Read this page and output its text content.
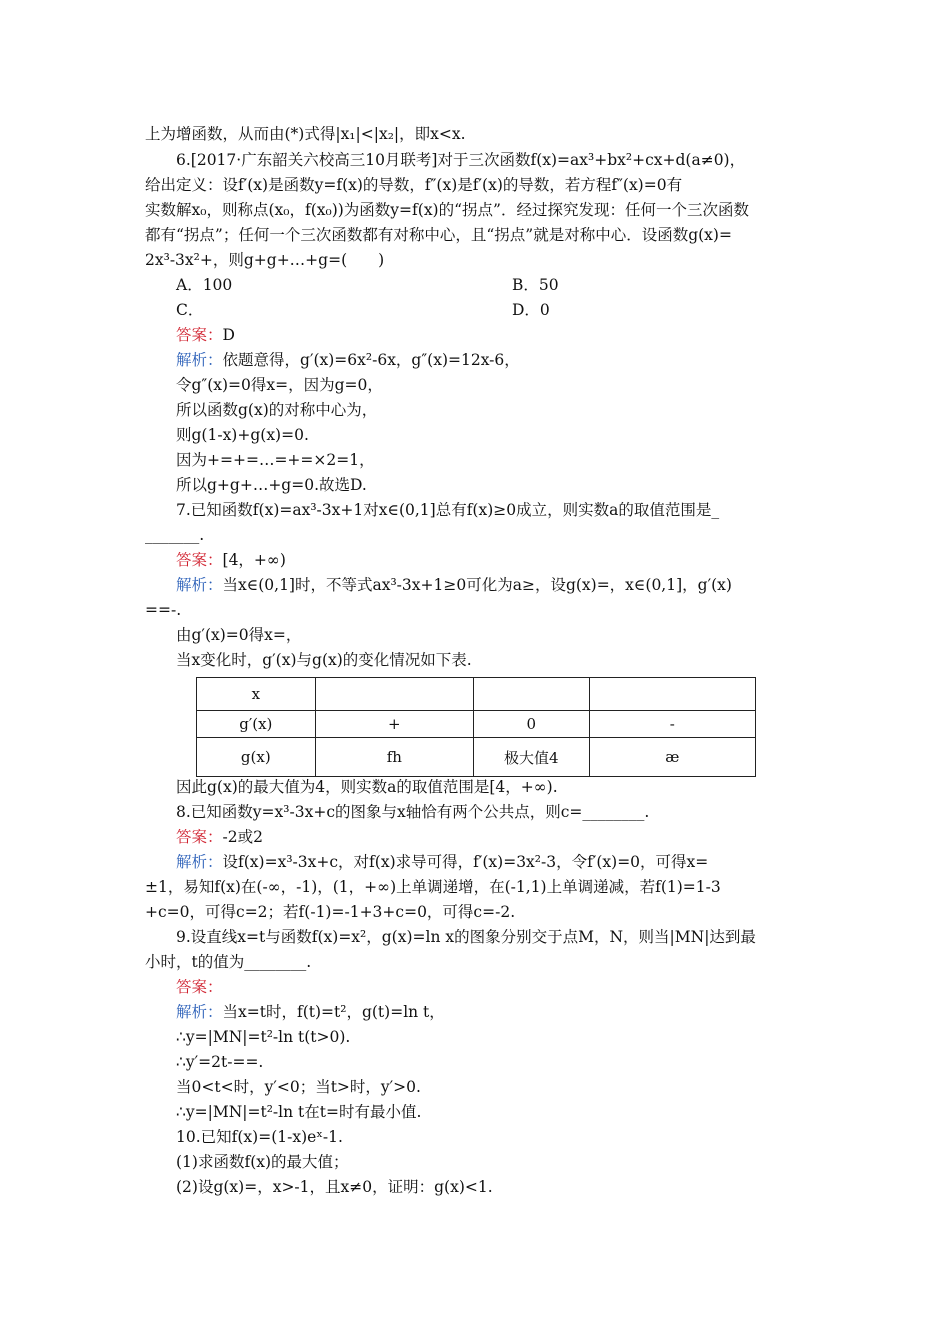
上为增函数，从而由(*)式得|x₁|<|x₂|，即x<x.
6.[2017·广东韶关六校高三10月联考]对于三次函数f(x)=ax³+bx²+cx+d(a≠0)，
给出定义：设f′(x)是函数y=f(x)的导数，f″(x)是f′(x)的导数，若方程f″(x)=0有
实数解x₀，则称点(x₀，f(x₀))为函数y=f(x)的“拐点”．经过探究发现：任何一个三次函数
都有“拐点”；任何一个三次函数都有对称中心，且“拐点”就是对称中心．设函数g(x)=
2x³-3x²+，则g+g+…+g=(　　)
A．100	B．50
C．	D．0
答案：D
解析：依题意得，g′(x)=6x²-6x，g″(x)=12x-6，
令g″(x)=0得x=，因为g=0，
所以函数g(x)的对称中心为，
则g(1-x)+g(x)=0.
因为+=+=…=+=×2=1，
所以g+g+…+g=0.故选D.
7.已知函数f(x)=ax³-3x+1对x∈(0,1]总有f(x)≥0成立，则实数a的取值范围是_
_______.
答案：[4，+∞)
解析：当x∈(0,1]时，不等式ax³-3x+1≥0可化为a≥，设g(x)=，x∈(0,1]，g′(x)
==-.
由g′(x)=0得x=，
当x变化时，g′(x)与g(x)的变化情况如下表.
x			
g′(x)	+	0	-
g(x)	fh	极大值4	æ
因此g(x)的最大值为4，则实数a的取值范围是[4，+∞).
8.已知函数y=x³-3x+c的图象与x轴恰有两个公共点，则c=________.
答案：-2或2
解析：设f(x)=x³-3x+c，对f(x)求导可得，f′(x)=3x²-3，令f′(x)=0，可得x=
±1，易知f(x)在(-∞，-1)，(1，+∞)上单调递增，在(-1,1)上单调递减，若f(1)=1-3
+c=0，可得c=2；若f(-1)=-1+3+c=0，可得c=-2.
9.设直线x=t与函数f(x)=x²，g(x)=ln x的图象分别交于点M，N，则当|MN|达到最
小时，t的值为________.
答案：
解析：当x=t时，f(t)=t²，g(t)=ln t，
∴y=|MN|=t²-ln t(t>0).
∴y′=2t-==.
当0<t<时，y′<0；当t>时，y′>0.
∴y=|MN|=t²-ln t在t=时有最小值.
10.已知f(x)=(1-x)eˣ-1.
(1)求函数f(x)的最大值；
(2)设g(x)=，x>-1，且x≠0，证明：g(x)<1.
